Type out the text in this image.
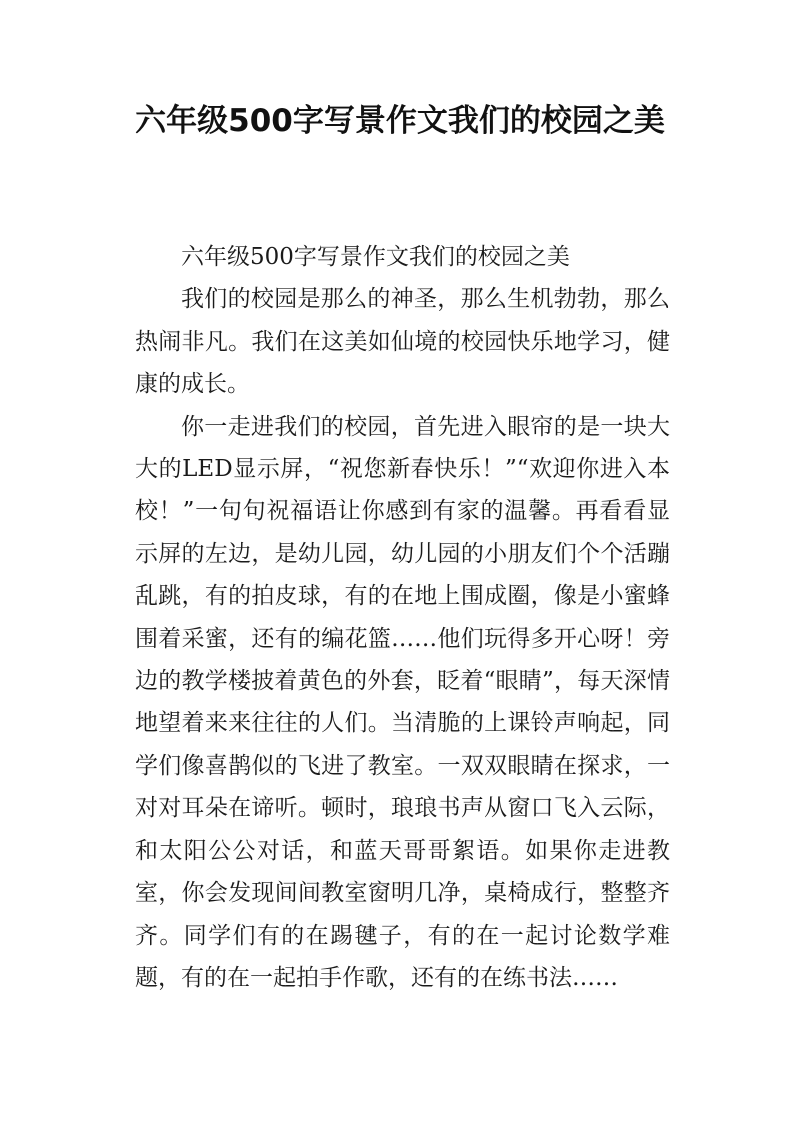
六年级500字写景作文我们的校园之美

六年级500字写景作文我们的校园之美

我们的校园是那么的神圣，那么生机勃勃，那么热闹非凡。我们在这美如仙境的校园快乐地学习，健康的成长。

你一走进我们的校园，首先进入眼帘的是一块大大的LED显示屏，“祝您新春快乐！”“欢迎你进入本校！”一句句祝福语让你感到有家的温馨。再看看显示屏的左边，是幼儿园，幼儿园的小朋友们个个活蹦乱跳，有的拍皮球，有的在地上围成圈，像是小蜜蜂围着采蜜，还有的编花篮……他们玩得多开心呀！旁边的教学楼披着黄色的外套，眨着“眼睛”，每天深情地望着来来往往的人们。当清脆的上课铃声响起，同学们像喜鹊似的飞进了教室。一双双眼睛在探求，一对对耳朵在谛听。顿时，琅琅书声从窗口飞入云际，和太阳公公对话，和蓝天哥哥絮语。如果你走进教室，你会发现间间教室窗明几净，桌椅成行，整整齐齐。同学们有的在踢毽子，有的在一起讨论数学难题，有的在一起拍手作歌，还有的在练书法……
